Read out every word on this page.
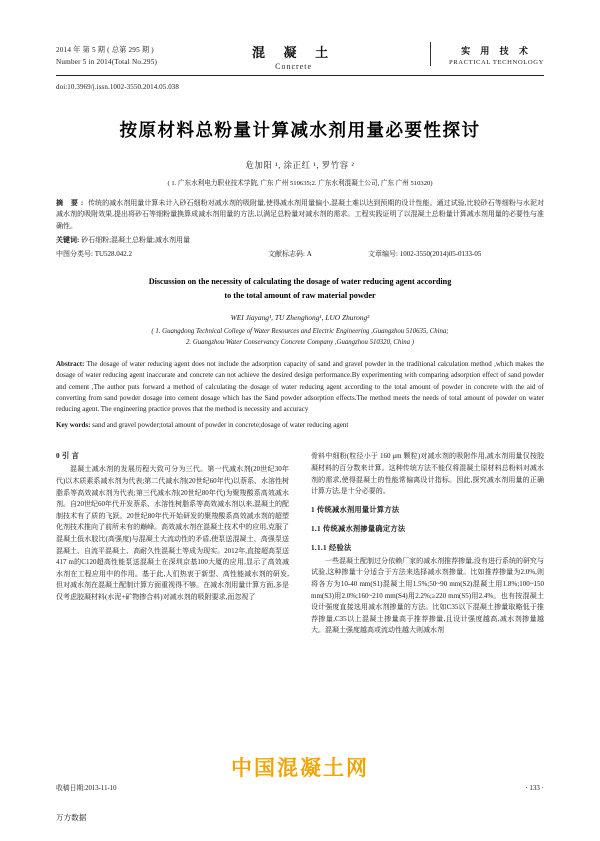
2014 年 第 5 期 ( 总第 295 期 )
Number 5 in 2014(Total No.295)
混 凝 土
Concrete
实 用 技 术
PRACTICAL TECHNOLOGY
doi:10.3969/j.issn.1002-3550.2014.05.038
按原材料总粉量计算减水剂用量必要性探讨
危加阳 ¹, 涂正红 ¹, 罗竹容 ²
( 1. 广东水利电力职业技术学院, 广东 广州 510635;2. 广东水利混凝土公司, 广东 广州 510320)
摘 要: 传统的减水剂用量计算未计入砂石细粉对减水剂的吸附量,使得减水剂用量偏小,混凝土难以达到预期的设计性能。通过试验,比较砂石等细粉与水泥对减水剂的吸附效果,提出将砂石等细粉量换算成减水剂用量的方法,以满足总粉量对减水剂的需求。工程实践证明了以混凝土总粉量计算减水剂用量的必要性与准确性。
关键词: 砂石细粉;混凝土总粉量;减水剂用量
中图分类号: TU528.042.2	文献标志码: A	文章编号: 1002-3550(2014)05-0133-05
Discussion on the necessity of calculating the dosage of water reducing agent according
to the total amount of raw material powder
WEI Jiayang¹, TU Zhenghong¹, LUO Zhurong²
( 1. Guangdong Technical College of Water Resources and Electric Engineering ,Guangzhou 510635, China;
2. Guangzhou Water Conservancy Concrete Company ,Guangzhou 510320, China )
Abstract: The dosage of water reducing agent does not include the adsorption capacity of sand and gravel powder in the traditional calculation method ,which makes the dosage of water reducing agent inaccurate and concrete can not achieve the desired design performance.By experimenting with comparing adsorption effect of sand powder and cement ,The author puts forward a method of calculating the dosage of water reducing agent according to the total amount of powder in concrete with the aid of converting from sand powder dosage into cement dosage which has the Sand powder adsorption effects.The method meets the needs of total amount of powder on water reducing agent. The engineering practice proves that the method is necessity and accuracy
Key words: sand and gravel powder;total amount of powder in concrete;dosage of water reducing agent
0 引 言

混凝土减水剂的发展历程大致可分为三代。第一代减水剂(20世纪30年代)以木质素系减水剂为代表;第二代减水剂(20世纪60年代)以萘系、水溶性树脂系等高效减水剂为代表;第三代减水剂(20世纪80年代)为聚羧酸系高效减水剂。自20世纪60年代开发萘系、水溶性树脂系等高效减水剂以来,混凝土的配制技术有了质的飞跃。20世纪80年代开始研发的聚羧酸系高效减水剂的超塑化剂技术推向了前所未有的巅峰。高效减水剂在混凝土技术中的应用,克服了混凝土低水胶比(高强度)与混凝土大流动性的矛盾,使泵送混凝土、高强泵送混凝土、自流平混凝土、高耐久性混凝土等成为现实。2012年,直接超高泵送417 m的C120超高性能泵送混凝土在深圳京基100大厦的应用,显示了高效减水剂在工程应用中的作用。基于此,人们热衷于新型、高性能减水剂的研发,但对减水剂在混凝土配制计算方面重视得不够。在减水剂用量计算方面,多是仅考虑胶凝材料(水泥+矿物掺合料)对减水剂的吸附要求,而忽视了

骨料中细粉(粒径小于 160 μm 颗粒)对减水剂的吸附作用,减水剂用量仅按胶凝材料的百分数来计算。这种传统方法不能仅将混凝土原材料总粉料对减水剂的需求,使得混凝土的性能常偏离设计指标。因此,探究减水剂用量的正确计算方法,是十分必要的。

1 传统减水剂用量计算方法
1.1 传统减水剂掺量确定方法
1.1.1 经验法

一些混凝土配制过分依赖厂家的减水剂推荐掺量,没有进行系统的研究与试验,这种掺量十分适合于方法来选择减水剂掺量。比如推荐掺量为2.0%,则将各方为10-40 mm(S1)混凝土用1.5%;50~90 mm(S2)混凝土用1.8%;100~150 mm(S3)用2.0%;160~210 mm(S4)用2.2%;≥220 mm(S5)用2.4%。也有按混凝土设计强度直接选用减水剂掺量的方法。比如C35以下混凝土掺量取略低于推荐掺量,C35以上混凝土掺量高于推荐掺量,且设计强度越高,减水剂掺量越大。混凝土强度越高或流动性越大则减水剂

中国混凝土网
收稿日期:2013-11-10	· 133 ·
万方数据
